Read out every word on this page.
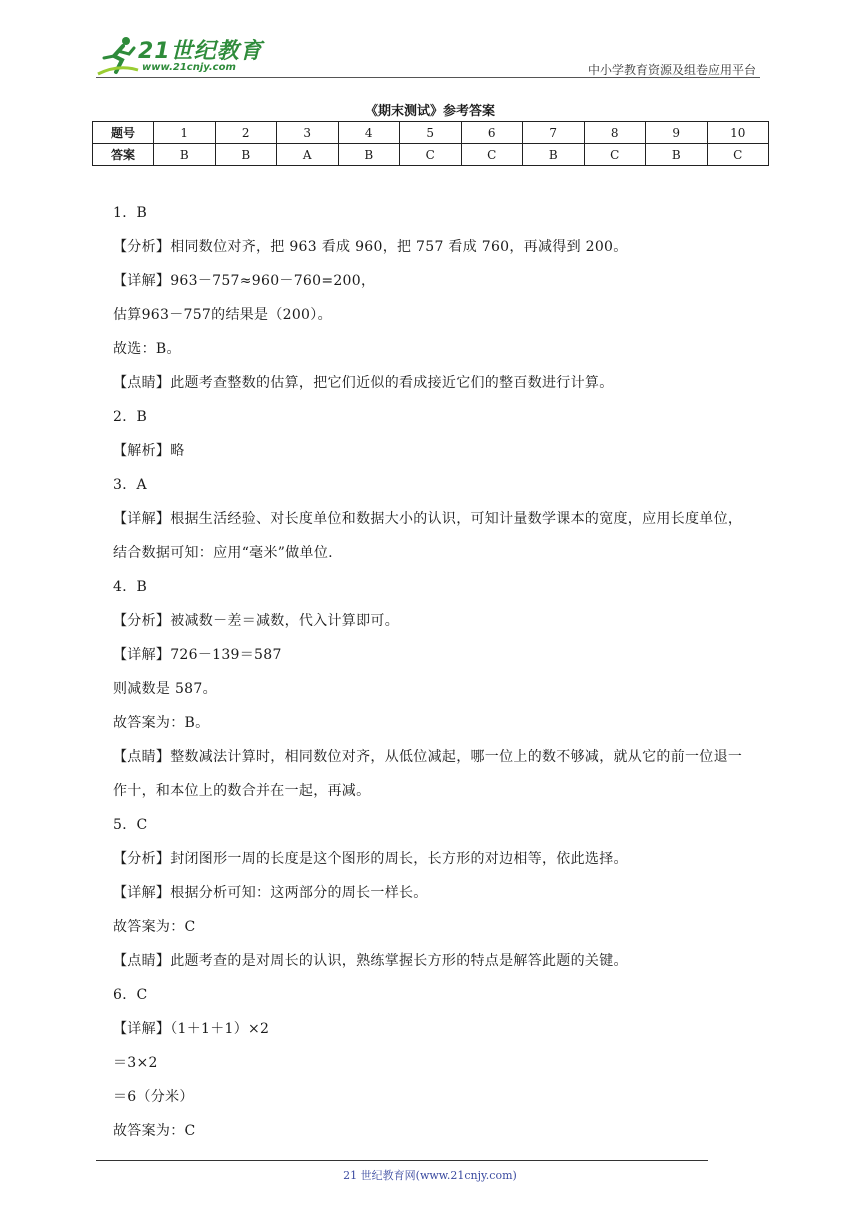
21世纪教育
www.21cnjy.com	中小学教育资源及组卷应用平台
《期末测试》参考答案
题号	1	2	3	4	5	6	7	8	9	10
答案	B	B	A	B	C	C	B	C	B	C
1．B
【分析】相同数位对齐，把 963 看成 960，把 757 看成 760，再减得到 200。
【详解】963－757≈960－760=200，
估算963－757的结果是（200）。
故选：B。
【点睛】此题考查整数的估算，把它们近似的看成接近它们的整百数进行计算。
2．B
【解析】略
3．A
【详解】根据生活经验、对长度单位和数据大小的认识，可知计量数学课本的宽度，应用长度单位，
结合数据可知：应用“毫米”做单位.
4．B
【分析】被减数－差＝减数，代入计算即可。
【详解】726－139＝587
则减数是 587。
故答案为：B。
【点睛】整数减法计算时，相同数位对齐，从低位减起，哪一位上的数不够减，就从它的前一位退一
作十，和本位上的数合并在一起，再减。
5．C
【分析】封闭图形一周的长度是这个图形的周长，长方形的对边相等，依此选择。
【详解】根据分析可知：这两部分的周长一样长。
故答案为：C
【点睛】此题考查的是对周长的认识，熟练掌握长方形的特点是解答此题的关键。
6．C
【详解】（1＋1＋1）×2
＝3×2
＝6（分米）
故答案为：C
21 世纪教育网(www.21cnjy.com)
